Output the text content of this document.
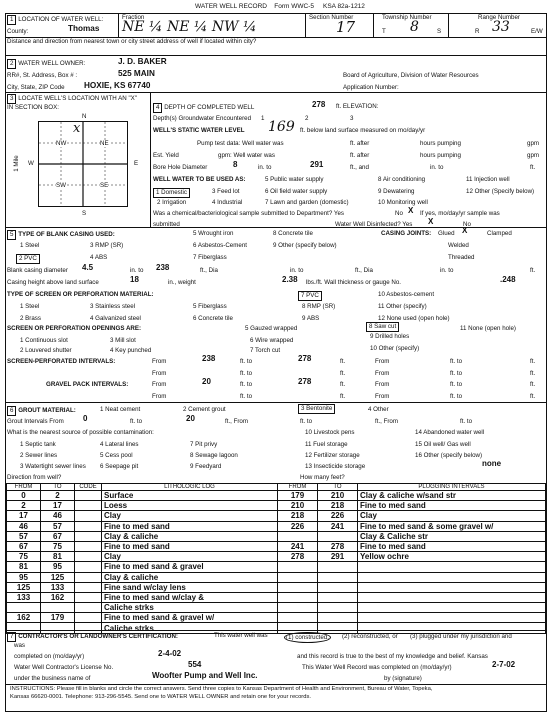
WATER WELL RECORD Form WWC-5 KSA 82a-1212
1 LOCATION OF WATER WELL:
County:	Thomas
Fraction
NE ¼ NE ¼ NW ¼
Section Number
17
Township Number
T 8	S
Range Number
R 33	E/W
Distance and direction from nearest town or city street address of well if located within city?
2 WATER WELL OWNER:	J. D. BAKER
RR#, St. Address, Box # :	525 MAIN
City, State, ZIP Code HOXIE, KS 67740
Board of Agriculture, Division of Water Resources
Application Number:
3 LOCATE WELL'S LOCATION WITH AN "X" IN SECTION BOX:
N
S
W	E
1 Mile
NW	NE
SW	SE
x
4 DEPTH OF COMPLETED WELL	278 ft. ELEVATION:
Depth(s) Groundwater Encountered 1	2	3
WELL'S STATIC WATER LEVEL 169 ft. below land surface measured on mo/day/yr
Pump test data: Well water was	ft. after	hours pumping	gpm
Est. Yield	gpm: Well water was	ft. after	hours pumping	gpm
Bore Hole Diameter	8	in. to	291	ft., and	in. to	ft.
WELL WATER TO BE USED AS:	5 Public water supply	8 Air conditioning	11 Injection well
1 Domestic	3 Feed lot	6 Oil field water supply	9 Dewatering	12 Other (Specify below)
2 Irrigation	4 Industrial	7 Lawn and garden (domestic)	10 Monitoring well
Was a chemical/bacteriological sample submitted to Department? Yes	No X If yes, mo/day/yr sample was
submitted	Water Well Disinfected? Yes X	No
5 TYPE OF BLANK CASING USED:
1 Steel	3 RMP (SR)
5 Wrought iron	8 Concrete tile
2 PVC	4 ABS
6 Asbestos-Cement	9 Other (specify below)
7 Fiberglass
CASING JOINTS: Glued X	Clamped
Welded
Threaded
Blank casing diameter 4.5	in. to 238	ft., Dia	in. to	ft., Dia	in. to	ft.
Casing height above land surface	18	in., weight	2.38 lbs./ft. Wall thickness or gauge No.	.248
TYPE OF SCREEN OR PERFORATION MATERIAL:
1 Steel	3 Stainless steel	5 Fiberglass
7 PVC	10 Asbestos-cement
2 Brass	4 Galvanized steel	6 Concrete tile
8 RMP (SR)	11 Other (specify)
9 ABS	12 None used (open hole)
SCREEN OR PERFORATION OPENINGS ARE:	5 Gauzed wrapped	8 Saw cut	11 None (open hole)
1 Continuous slot	3 Mill slot	6 Wire wrapped
9 Drilled holes
2 Louvered shutter	4 Key punched	7 Torch cut	10 Other (specify)
SCREEN-PERFORATED INTERVALS:	From	238	ft. to	278	ft.	From	ft. to	ft.
From	ft. to	ft.	From	ft. to	ft.
GRAVEL PACK INTERVALS:	From	20	ft. to	278	ft.	From	ft. to	ft.
From	ft. to	ft.	From	ft. to	ft.
6 GROUT MATERIAL:	1 Neat cement	2 Cement grout	3 Bentonite	4 Other
Grout Intervals From 0	ft. to	20	ft., From	ft. to	ft., From	ft. to
What is the nearest source of possible contamination:
1 Septic tank	4 Lateral lines	7 Pit privy
10 Livestock pens	14 Abandoned water well
2 Sewer lines	5 Cess pool	8 Sewage lagoon
11 Fuel storage	15 Oil well/ Gas well
3 Watertight sewer lines 6 Seepage pit	9 Feedyard
12 Fertilizer storage	16 Other (specify below)
13 Insecticide storage	none
Direction from well?	How many feet?
FROM	TO	CODE	LITHOLOGIC LOG	FROM	TO	PLUGGING INTERVALS
0	2		Surface	179	210	Clay & caliche w/sand str
2	17		Loess	210	218	Fine to med sand
17	46		Clay	218	226	Clay
46	57		Fine to med sand	226	241	Fine to med sand & some gravel w/
57	67		Clay & caliche			Clay & Caliche str
67	75		Fine to med sand	241	278	Fine to med sand
75	81		Clay	278	291	Yellow ochre
81	95		Fine to med sand & gravel			
95	125		Clay & caliche			
125	133		Fine sand w/clay lens			
133	162		Fine to med sand w/clay &			
			Caliche strks			
162	179		Fine to med sand & gravel w/			
			Caliche strks			
7 CONTRACTOR'S OR LANDOWNER'S CERTIFICATION:	This water well was	(1) constructed,	(2) reconstructed, or (3) plugged under my jurisdiction and
was
completed on (mo/day/yr)	2-4-02	and this record is true to the best of my knowledge and belief. Kansas
Water Well Contractor's License No.	554	This Water Well Record was completed on (mo/day/yr)	2-7-02
under the business name of	Woofter Pump and Well Inc.	by (signature)
INSTRUCTIONS: Please fill in blanks and circle the correct answers. Send three copies to Kansas Department of Health and Environment, Bureau of Water, Topeka,
Kansas 66620-0001. Telephone: 913-296-5545. Send one to WATER WELL OWNER and retain one for your records.
